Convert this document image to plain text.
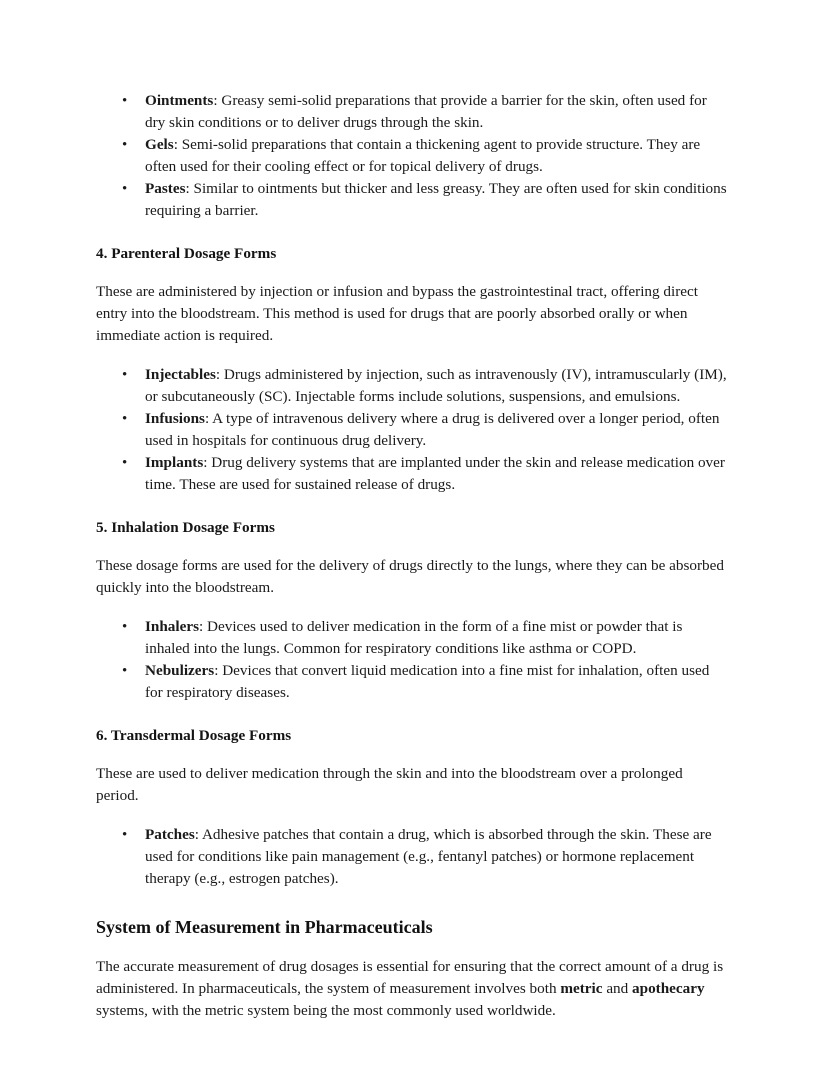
• Ointments: Greasy semi-solid preparations that provide a barrier for the skin, often used for dry skin conditions or to deliver drugs through the skin.
• Gels: Semi-solid preparations that contain a thickening agent to provide structure. They are often used for their cooling effect or for topical delivery of drugs.
• Pastes: Similar to ointments but thicker and less greasy. They are often used for skin conditions requiring a barrier.
4. Parenteral Dosage Forms

These are administered by injection or infusion and bypass the gastrointestinal tract, offering direct entry into the bloodstream. This method is used for drugs that are poorly absorbed orally or when immediate action is required.

• Injectables: Drugs administered by injection, such as intravenously (IV), intramuscularly (IM), or subcutaneously (SC). Injectable forms include solutions, suspensions, and emulsions.
• Infusions: A type of intravenous delivery where a drug is delivered over a longer period, often used in hospitals for continuous drug delivery.
• Implants: Drug delivery systems that are implanted under the skin and release medication over time. These are used for sustained release of drugs.
5. Inhalation Dosage Forms

These dosage forms are used for the delivery of drugs directly to the lungs, where they can be absorbed quickly into the bloodstream.

• Inhalers: Devices used to deliver medication in the form of a fine mist or powder that is inhaled into the lungs. Common for respiratory conditions like asthma or COPD.
• Nebulizers: Devices that convert liquid medication into a fine mist for inhalation, often used for respiratory diseases.
6. Transdermal Dosage Forms

These are used to deliver medication through the skin and into the bloodstream over a prolonged period.

• Patches: Adhesive patches that contain a drug, which is absorbed through the skin. These are used for conditions like pain management (e.g., fentanyl patches) or hormone replacement therapy (e.g., estrogen patches).
System of Measurement in Pharmaceuticals

The accurate measurement of drug dosages is essential for ensuring that the correct amount of a drug is administered. In pharmaceuticals, the system of measurement involves both metric and apothecary systems, with the metric system being the most commonly used worldwide.
